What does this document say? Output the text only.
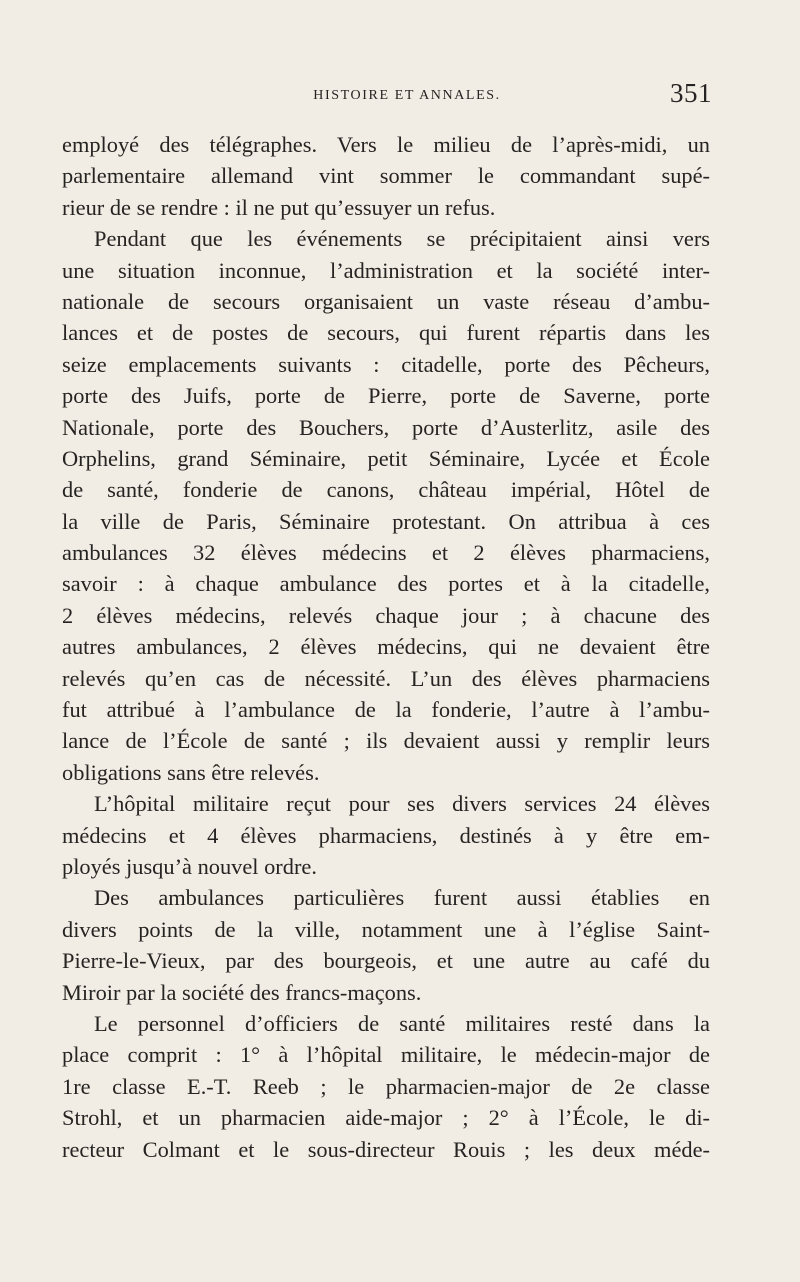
HISTOIRE ET ANNALES.	351
employé des télégraphes. Vers le milieu de l’après-midi, un
parlementaire allemand vint sommer le commandant supé-
rieur de se rendre : il ne put qu’essuyer un refus.
Pendant que les événements se précipitaient ainsi vers
une situation inconnue, l’administration et la société inter-
nationale de secours organisaient un vaste réseau d’ambu-
lances et de postes de secours, qui furent répartis dans les
seize emplacements suivants : citadelle, porte des Pêcheurs,
porte des Juifs, porte de Pierre, porte de Saverne, porte
Nationale, porte des Bouchers, porte d’Austerlitz, asile des
Orphelins, grand Séminaire, petit Séminaire, Lycée et École
de santé, fonderie de canons, château impérial, Hôtel de
la ville de Paris, Séminaire protestant. On attribua à ces
ambulances 32 élèves médecins et 2 élèves pharmaciens,
savoir : à chaque ambulance des portes et à la citadelle,
2 élèves médecins, relevés chaque jour ; à chacune des
autres ambulances, 2 élèves médecins, qui ne devaient être
relevés qu’en cas de nécessité. L’un des élèves pharmaciens
fut attribué à l’ambulance de la fonderie, l’autre à l’ambu-
lance de l’École de santé ; ils devaient aussi y remplir leurs
obligations sans être relevés.
L’hôpital militaire reçut pour ses divers services 24 élèves
médecins et 4 élèves pharmaciens, destinés à y être em-
ployés jusqu’à nouvel ordre.
Des ambulances particulières furent aussi établies en
divers points de la ville, notamment une à l’église Saint-
Pierre-le-Vieux, par des bourgeois, et une autre au café du
Miroir par la société des francs-maçons.
Le personnel d’officiers de santé militaires resté dans la
place comprit : 1° à l’hôpital militaire, le médecin-major de
1re classe E.-T. Reeb ; le pharmacien-major de 2e classe
Strohl, et un pharmacien aide-major ; 2° à l’École, le di-
recteur Colmant et le sous-directeur Rouis ; les deux méde-
